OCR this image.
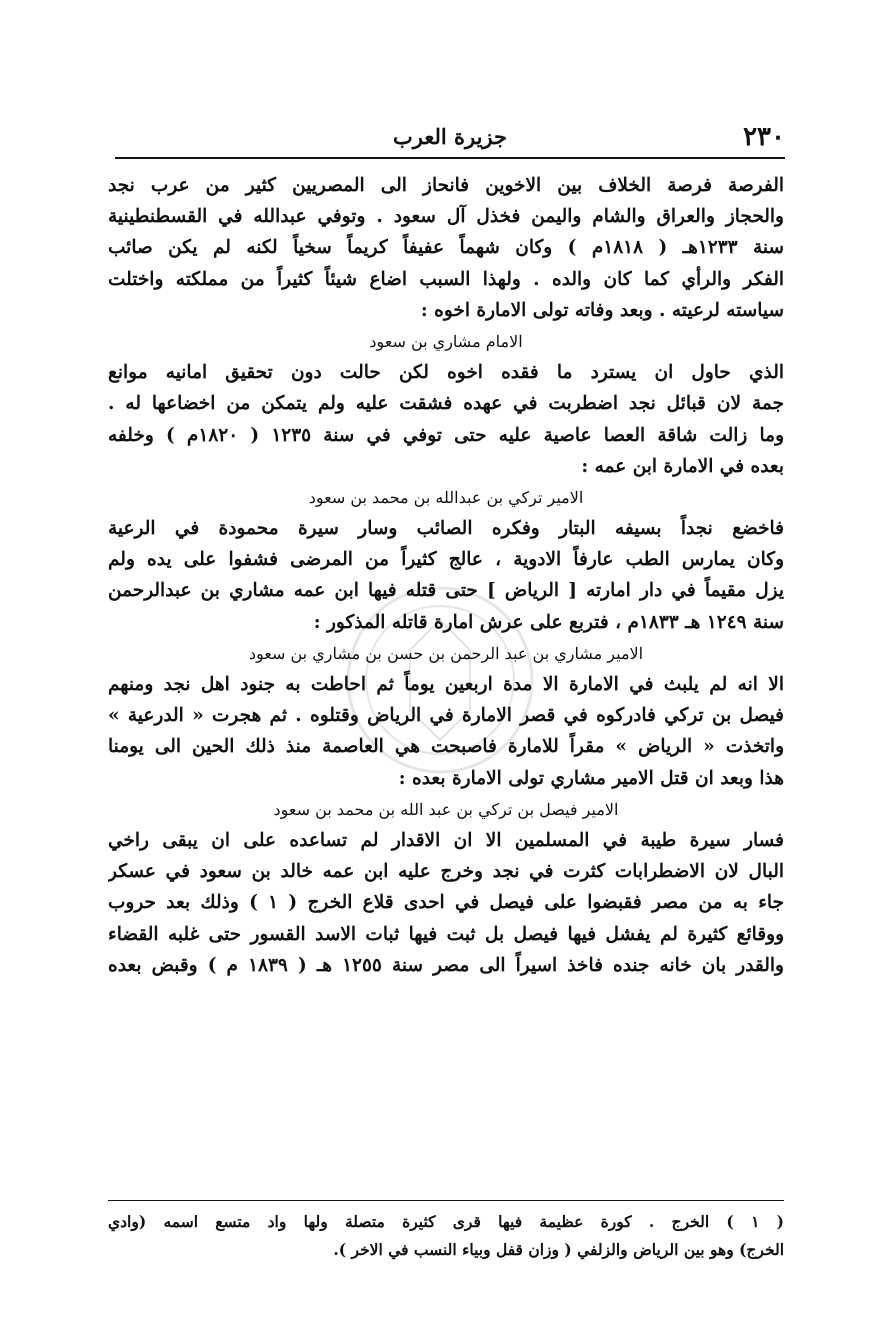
٢٣٠
جزيرة العرب
الفرصة فرصة الخلاف بين الاخوين فانحاز الى المصريين كثير من عرب نجد
والحجاز والعراق والشام واليمن فخذل آل سعود . وتوفي عبدالله في القسطنطينية
سنة ١٢٣٣هـ ( ١٨١٨م ) وكان شهماً عفيفاً كريماً سخياً لكنه لم يكن صائب
الفكر والرأي كما كان والده . ولهذا السبب اضاع شيئاً كثيراً من مملكته واختلت
سياسته لرعيته . وبعد وفاته تولى الامارة اخوه :
الامام مشاري بن سعود
الذي حاول ان يسترد ما فقده اخوه لكن حالت دون تحقيق امانيه موانع
جمة لان قبائل نجد اضطربت في عهده فشقت عليه ولم يتمكن من اخضاعها له .
وما زالت شاقة العصا عاصية عليه حتى توفي في سنة ١٢٣٥ ( ١٨٢٠م ) وخلفه
بعده في الامارة ابن عمه :
الامير تركي بن عبدالله بن محمد بن سعود
فاخضع نجداً بسيفه البتار وفكره الصائب وسار سيرة محمودة في الرعية
وكان يمارس الطب عارفاً الادوية ، عالج كثيراً من المرضى فشفوا على يده ولم
يزل مقيماً في دار امارته [ الرياض ] حتى قتله فيها ابن عمه مشاري بن عبدالرحمن
سنة ١٢٤٩ هـ ١٨٣٣م ، فتربع على عرش امارة قاتله المذكور :
الامير مشاري بن عبد الرحمن بن حسن بن مشاري بن سعود
الا انه لم يلبث في الامارة الا مدة اربعين يوماً ثم احاطت به جنود اهل نجد ومنهم
فيصل بن تركي فادركوه في قصر الامارة في الرياض وقتلوه . ثم هجرت « الدرعية »
واتخذت « الرياض » مقراً للامارة فاصبحت هي العاصمة منذ ذلك الحين الى يومنا
هذا وبعد ان قتل الامير مشاري تولى الامارة بعده :
الامير فيصل بن تركي بن عبد الله بن محمد بن سعود
فسار سيرة طيبة في المسلمين الا ان الاقدار لم تساعده على ان يبقى راخي
البال لان الاضطرابات كثرت في نجد وخرج عليه ابن عمه خالد بن سعود في عسكر
جاء به من مصر فقبضوا على فيصل في احدى قلاع الخرج ( ١ ) وذلك بعد حروب
ووقائع كثيرة لم يفشل فيها فيصل بل ثبت فيها ثبات الاسد القسور حتى غلبه القضاء
والقدر بان خانه جنده فاخذ اسيراً الى مصر سنة ١٢٥٥ هـ ( ١٨٣٩ م ) وقبض بعده
( ١ ) الخرج . كورة عظيمة فيها قرى كثيرة متصلة ولها واد متسع اسمه (وادي
الخرج) وهو بين الرياض والزلفي ( وزان قفل وبياء النسب في الاخر ).
